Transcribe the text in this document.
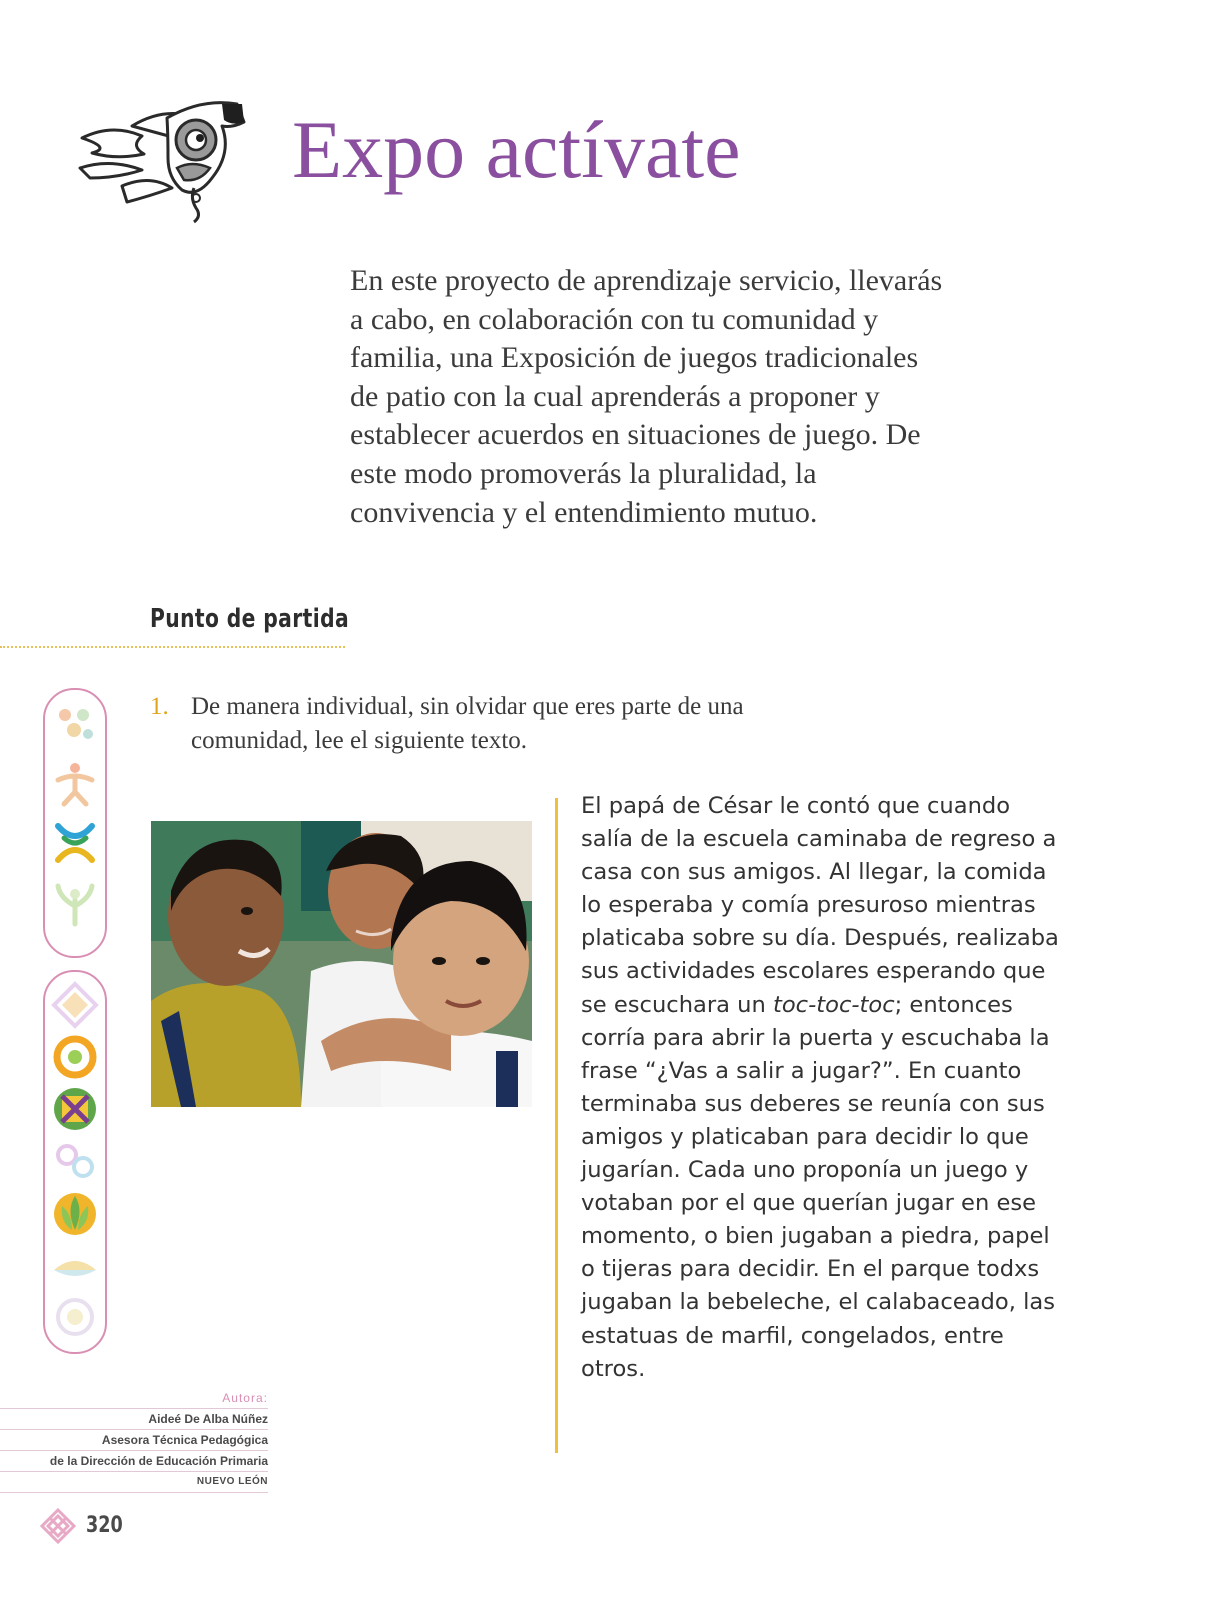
Expo actívate

En este proyecto de aprendizaje servicio, llevarás a cabo, en colaboración con tu comunidad y familia, una Exposición de juegos tradicionales de patio con la cual aprenderás a proponer y establecer acuerdos en situaciones de juego. De este modo promoverás la pluralidad, la convivencia y el entendimiento mutuo.

Punto de partida
1. De manera individual, sin olvidar que eres parte de una comunidad, lee el siguiente texto.

El papá de César le contó que cuando salía de la escuela caminaba de regreso a casa con sus amigos. Al llegar, la comida lo esperaba y comía presuroso mientras platicaba sobre su día. Después, realizaba sus actividades escolares esperando que se escuchara un toc-toc-toc; entonces corría para abrir la puerta y escuchaba la frase “¿Vas a salir a jugar?”. En cuanto terminaba sus deberes se reunía con sus amigos y platicaban para decidir lo que jugarían. Cada uno proponía un juego y votaban por el que querían jugar en ese momento, o bien jugaban a piedra, papel o tijeras para decidir. En el parque todxs jugaban la bebeleche, el calabaceado, las estatuas de marfil, congelados, entre otros.

Autora:
Aideé De Alba Núñez
Asesora Técnica Pedagógica
de la Dirección de Educación Primaria
NUEVO LEÓN
320
